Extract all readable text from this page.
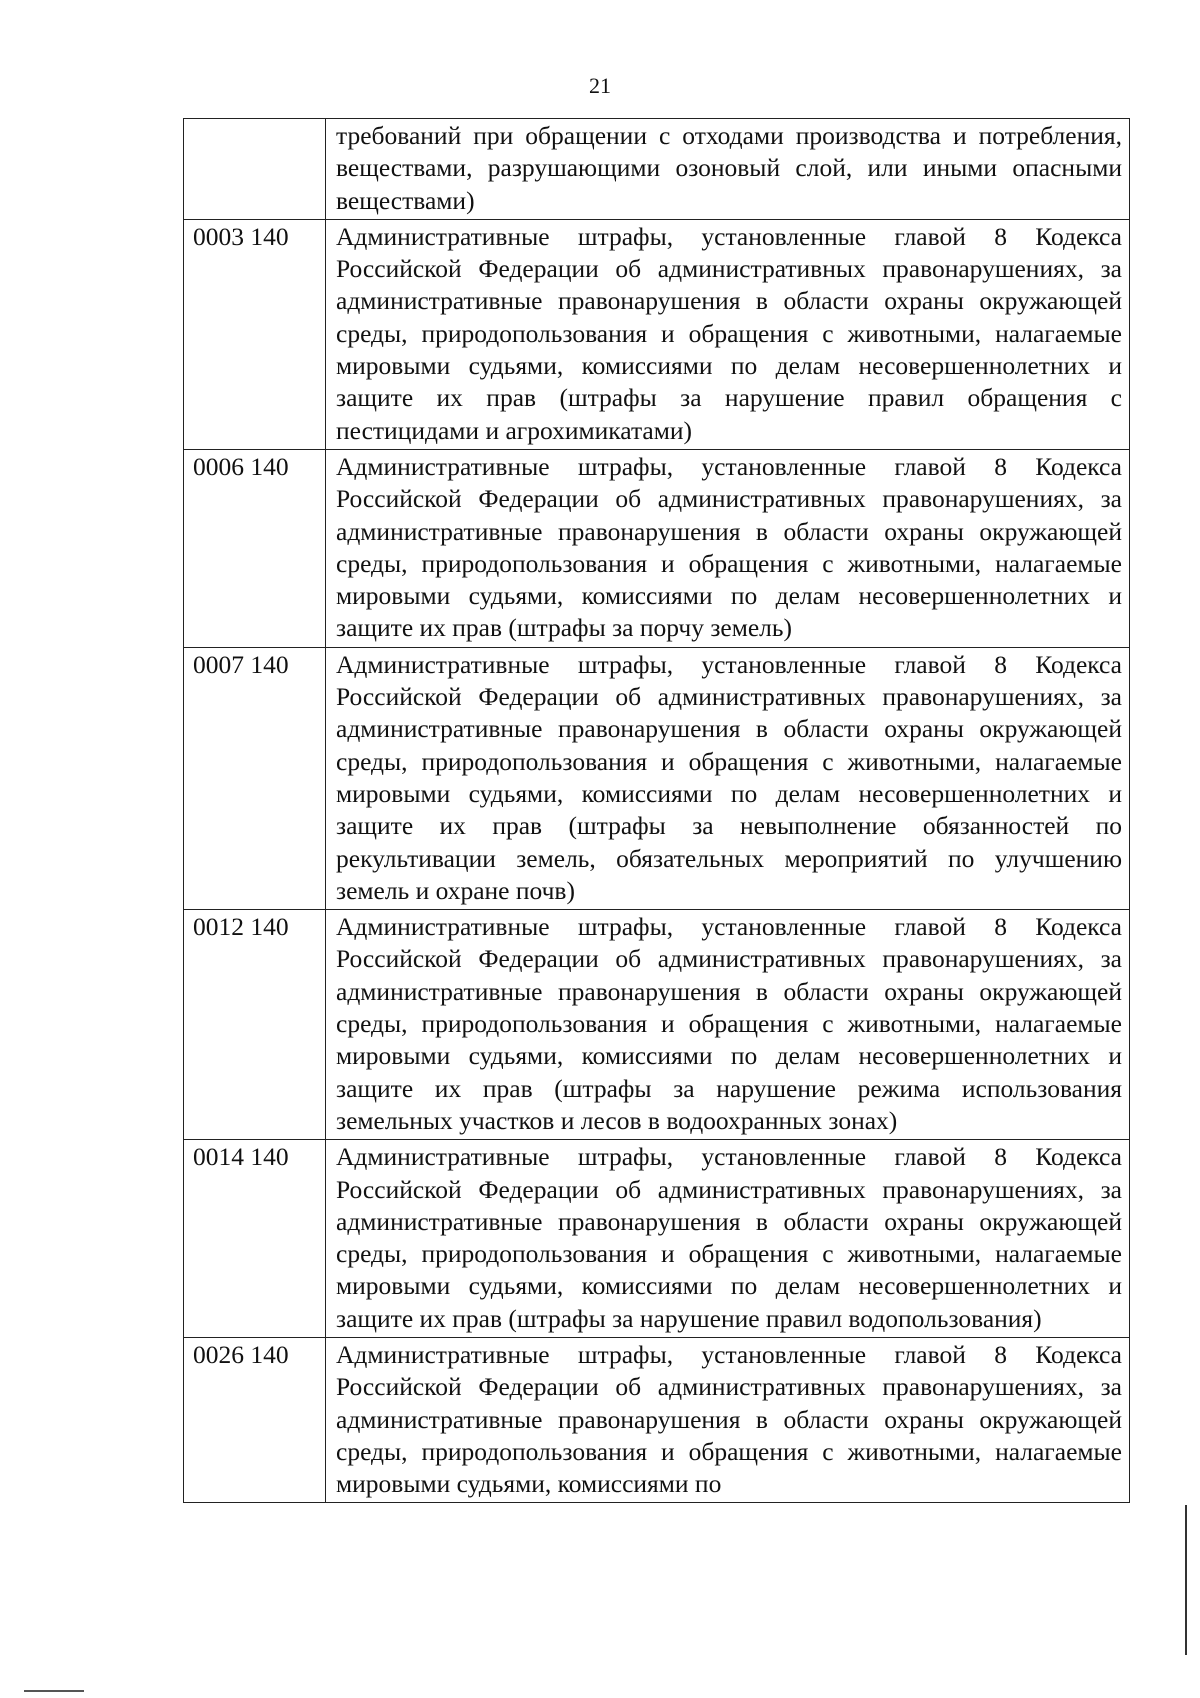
21
	требований при обращении с отходами производства и потребления, веществами, разрушающими озоновый слой, или иными опасными веществами)
0003 140	Административные штрафы, установленные главой 8 Кодекса Российской Федерации об административных правонарушениях, за административные правонарушения в области охраны окружающей среды, природопользования и обращения с животными, налагаемые мировыми судьями, комиссиями по делам несовершеннолетних и защите их прав (штрафы за нарушение правил обращения с пестицидами и агрохимикатами)
0006 140	Административные штрафы, установленные главой 8 Кодекса Российской Федерации об административных правонарушениях, за административные правонарушения в области охраны окружающей среды, природопользования и обращения с животными, налагаемые мировыми судьями, комиссиями по делам несовершеннолетних и защите их прав (штрафы за порчу земель)
0007 140	Административные штрафы, установленные главой 8 Кодекса Российской Федерации об административных правонарушениях, за административные правонарушения в области охраны окружающей среды, природопользования и обращения с животными, налагаемые мировыми судьями, комиссиями по делам несовершеннолетних и защите их прав (штрафы за невыполнение обязанностей по рекультивации земель, обязательных мероприятий по улучшению земель и охране почв)
0012 140	Административные штрафы, установленные главой 8 Кодекса Российской Федерации об административных правонарушениях, за административные правонарушения в области охраны окружающей среды, природопользования и обращения с животными, налагаемые мировыми судьями, комиссиями по делам несовершеннолетних и защите их прав (штрафы за нарушение режима использования земельных участков и лесов в водоохранных зонах)
0014 140	Административные штрафы, установленные главой 8 Кодекса Российской Федерации об административных правонарушениях, за административные правонарушения в области охраны окружающей среды, природопользования и обращения с животными, налагаемые мировыми судьями, комиссиями по делам несовершеннолетних и защите их прав (штрафы за нарушение правил водопользования)
0026 140	Административные штрафы, установленные главой 8 Кодекса Российской Федерации об административных правонарушениях, за административные правонарушения в области охраны окружающей среды, природопользования и обращения с животными, налагаемые мировыми судьями, комиссиями по
